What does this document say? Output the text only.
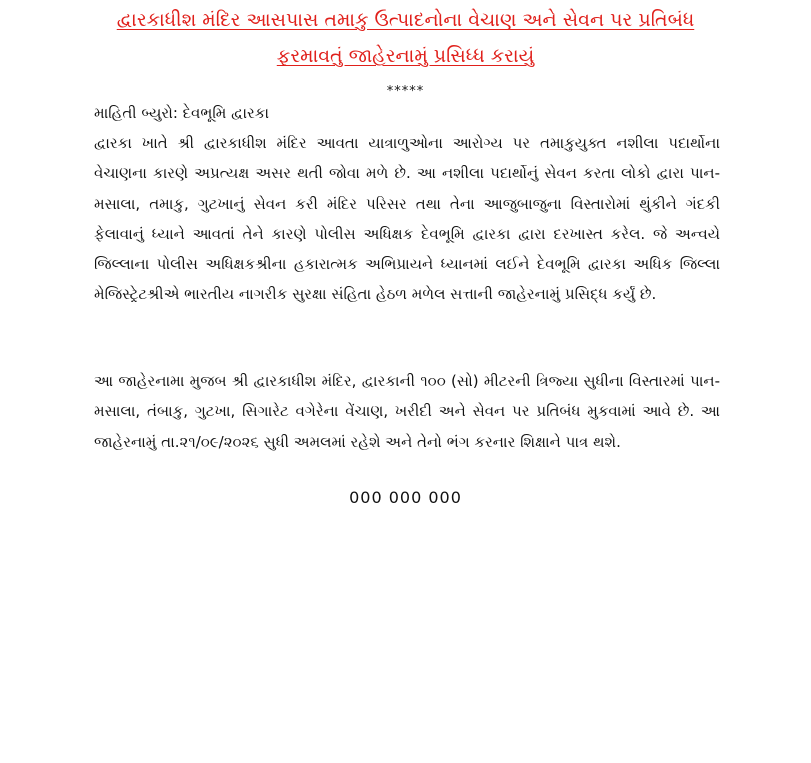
દ્વારકાધીશ મંદિર આસપાસ તમાકુ ઉત્પાદનોના વેચાણ અને સેવન પર પ્રતિબંધ
ફરમાવતું જાહેરનામું પ્રસિધ્ધ કરાયું
*****
માહિતી બ્યુરો: દેવભૂમિ દ્વારકા

દ્વારકા ખાતે શ્રી દ્વારકાધીશ મંદિર આવતા યાત્રાળુઓના આરોગ્ય પર તમાકુયુક્ત નશીલા પદાર્થોના વેચાણના કારણે અપ્રત્યક્ષ અસર થતી જોવા મળે છે. આ નશીલા પદાર્થોનું સેવન કરતા લોકો દ્વારા પાન-મસાલા, તમાકુ, ગુટખાનું સેવન કરી મંદિર પરિસર તથા તેના આજુબાજુના વિસ્તારોમાં થુંકીને ગંદકી ફેલાવાનું ધ્યાને આવતાં તેને કારણે પોલીસ અધિક્ષક દેવભૂમિ દ્વારકા દ્વારા દરખાસ્ત કરેલ. જે અન્વયે જિલ્લાના પોલીસ અધિક્ષકશ્રીના હકારાત્મક અભિપ્રાયને ધ્યાનમાં લઈને દેવભૂમિ દ્વારકા અધિક જિલ્લા મેજિસ્ટ્રેટશ્રીએ ભારતીય નાગરીક સુરક્ષા સંહિતા હેઠળ મળેલ સત્તાની જાહેરનામું પ્રસિદ્ધ કર્યું છે.

આ જાહેરનામા મુજબ શ્રી દ્વારકાધીશ મંદિર, દ્વારકાની ૧૦૦ (સો) મીટરની ત્રિજ્યા સુધીના વિસ્તારમાં પાન-મસાલા, તંબાકુ, ગુટખા, સિગારેટ વગેરેના વેંચાણ, ખરીદી અને સેવન પર પ્રતિબંધ મુકવામાં આવે છે. આ જાહેરનામું તા.૨૧/૦૯/૨૦૨૬ સુધી અમલમાં રહેશે અને તેનો ભંગ કરનાર શિક્ષાને પાત્ર થશે.

000 000 000
